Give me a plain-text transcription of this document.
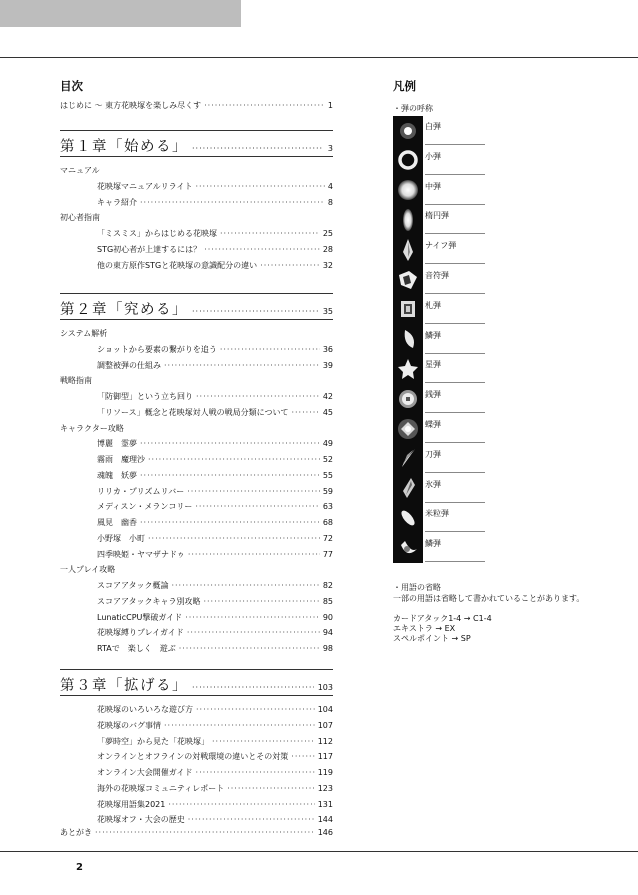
目次	凡例
はじめに 〜 東方花映塚を楽しみ尽くす ·····	1
第１章「始める」 ·····	3
マニュアル
花映塚マニュアルリライト ·····	4
キャラ紹介 ·····	8
初心者指南
「ミスミス」からはじめる花映塚 ·····	25
STG初心者が上達するには？ ·····	28
他の東方原作STGと花映塚の意識配分の違い ·····	32
第２章「究める」 ·····	35
システム解析
ショットから要素の繋がりを追う ·····	36
調整被弾の仕組み ·····	39
戦略指南
「防御型」という立ち回り ·····	42
「リソース」概念と花映塚対人戦の戦局分類について ·····	45
キャラクター攻略
博麗　霊夢 ·····	49
霧雨　魔理沙 ·····	52
魂魄　妖夢 ·····	55
リリカ・プリズムリバー ·····	59
メディスン・メランコリー ·····	63
風見　幽香 ·····	68
小野塚　小町 ·····	72
四季映姫・ヤマザナドゥ ·····	77
一人プレイ攻略
スコアアタック概論 ·····	82
スコアアタックキャラ別攻略 ·····	85
LunaticCPU撃破ガイド ·····	90
花映塚縛りプレイガイド ·····	94
RTAで　楽しく　遊ぶ ·····	98
第３章「拡げる」 ·····	103
花映塚のいろいろな遊び方 ·····	104
花映塚のバグ事情 ·····	107
「夢時空」から見た「花映塚」 ·····	112
オンラインとオフラインの対戦環境の違いとその対策 ·····	117
オンライン大会開催ガイド ·····	119
海外の花映塚コミュニティレポート ·····	123
花映塚用語集2021 ·····	131
花映塚オフ・大会の歴史 ·····	144
あとがき ·····	146
・弾の呼称
白弾
小弾
中弾
楕円弾
ナイフ弾
音符弾
札弾
鱗弾
星弾
銭弾
蝶弾
刀弾
氷弾
米粒弾
鱗弾
・用語の省略
一部の用語は省略して書かれていることがあります。
カードアタック1-4 → C1-4
エキストラ → EX
スペルポイント → SP
2
